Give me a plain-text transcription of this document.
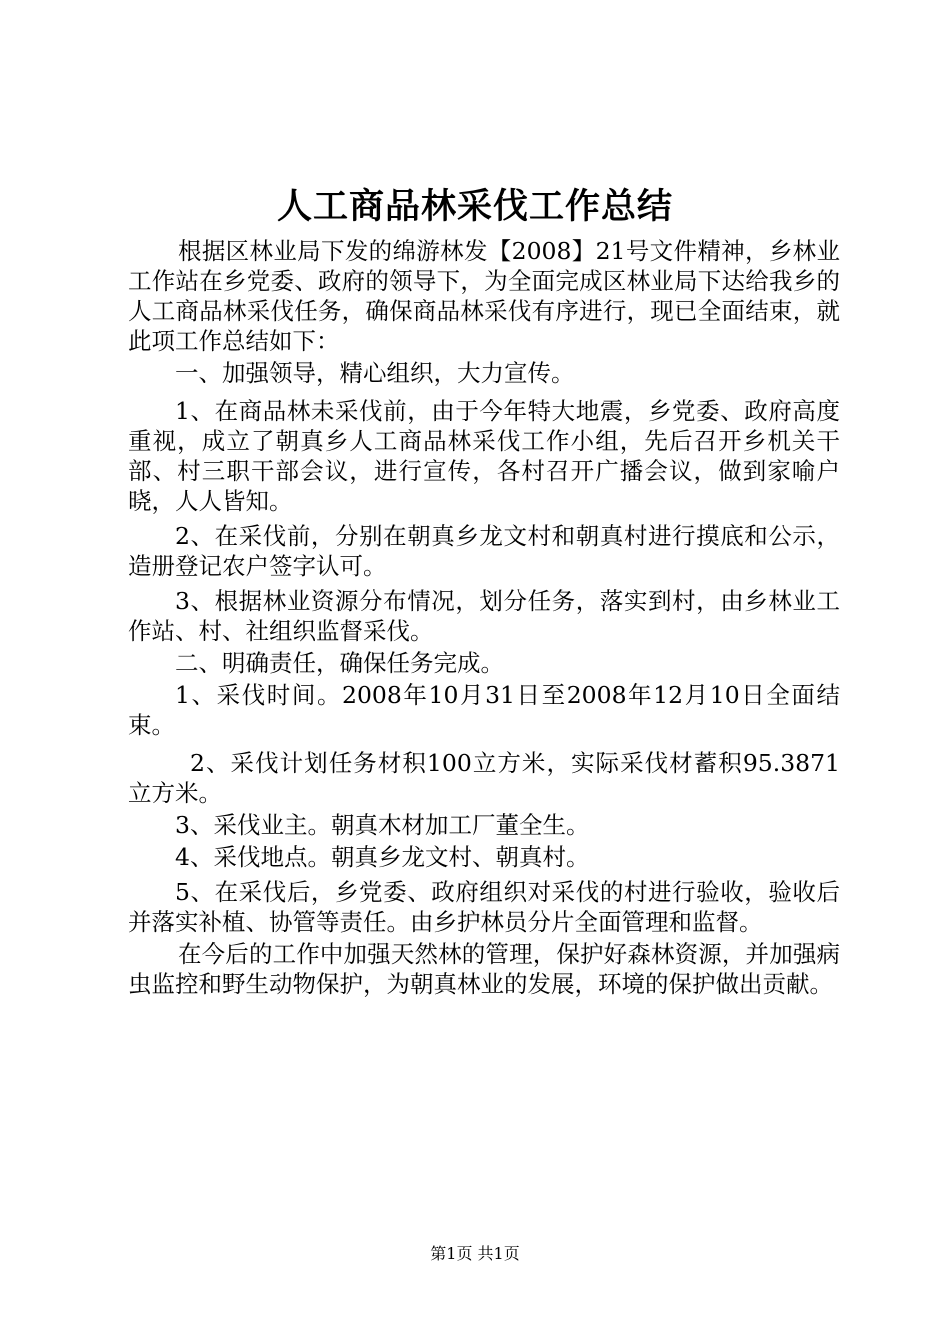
人工商品林采伐工作总结

根据区林业局下发的绵游林发【2008】21号文件精神，乡林业工作站在乡党委、政府的领导下，为全面完成区林业局下达给我乡的人工商品林采伐任务，确保商品林采伐有序进行，现已全面结束，就此项工作总结如下：

一、加强领导，精心组织，大力宣传。

1、在商品林未采伐前，由于今年特大地震，乡党委、政府高度重视，成立了朝真乡人工商品林采伐工作小组，先后召开乡机关干部、村三职干部会议，进行宣传，各村召开广播会议，做到家喻户晓，人人皆知。

2、在采伐前，分别在朝真乡龙文村和朝真村进行摸底和公示，造册登记农户签字认可。

3、根据林业资源分布情况，划分任务，落实到村，由乡林业工作站、村、社组织监督采伐。

二、明确责任，确保任务完成。

1、采伐时间。2008年10月31日至2008年12月10日全面结束。

2、采伐计划任务材积100立方米，实际采伐材蓄积95.3871立方米。

3、采伐业主。朝真木材加工厂董全生。

4、采伐地点。朝真乡龙文村、朝真村。

5、在采伐后，乡党委、政府组织对采伐的村进行验收，验收后并落实补植、协管等责任。由乡护林员分片全面管理和监督。

在今后的工作中加强天然林的管理，保护好森林资源，并加强病虫监控和野生动物保护，为朝真林业的发展，环境的保护做出贡献。

第1页 共1页
